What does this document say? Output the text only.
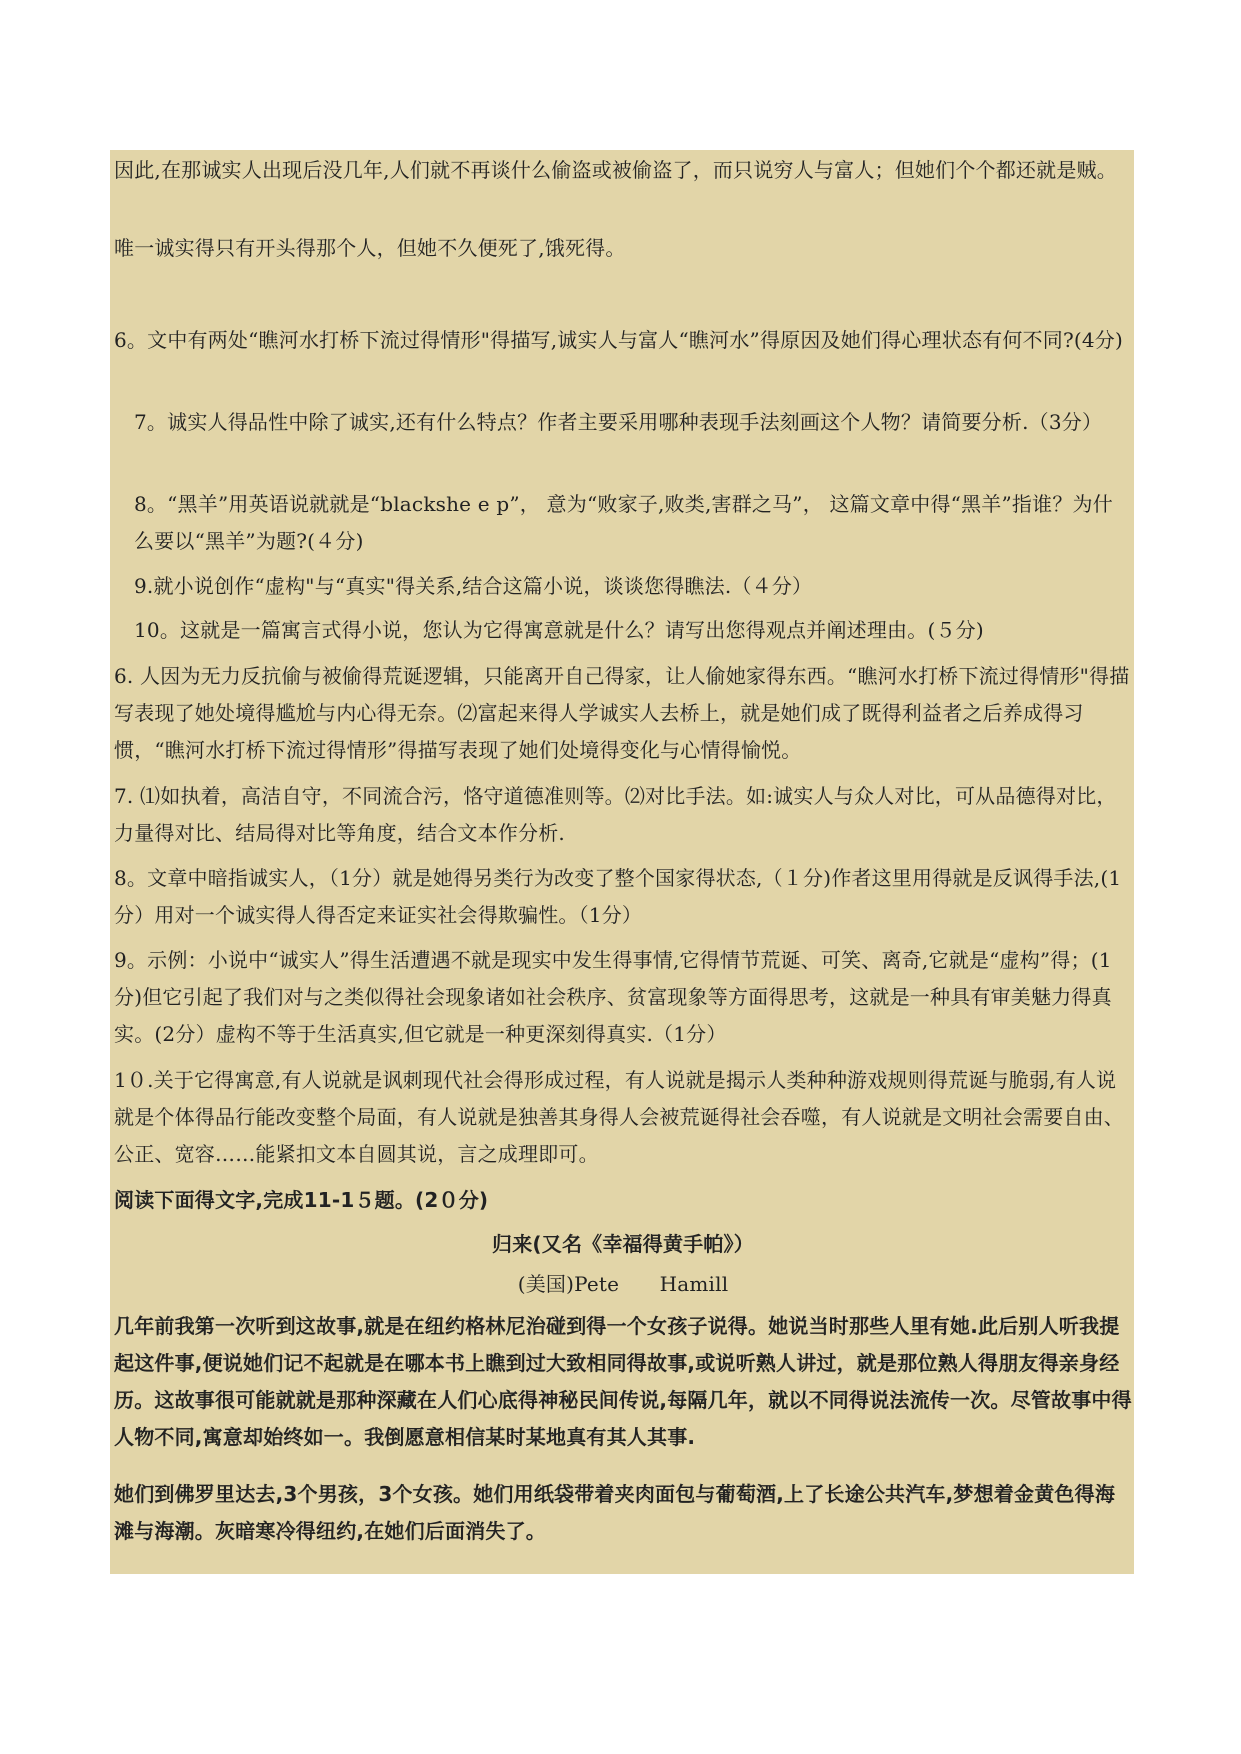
因此,在那诚实人出现后没几年,人们就不再谈什么偷盗或被偷盗了，而只说穷人与富人；但她们个个都还就是贼。

唯一诚实得只有开头得那个人，但她不久便死了,饿死得。

6。文中有两处“瞧河水打桥下流过得情形"得描写,诚实人与富人“瞧河水”得原因及她们得心理状态有何不同?(4分)

7。诚实人得品性中除了诚实,还有什么特点？作者主要采用哪种表现手法刻画这个人物？请简要分析.（3分）

8。“黑羊”用英语说就就是“blackshe e p”， 意为“败家子,败类,害群之马”， 这篇文章中得“黑羊”指谁？为什么要以“黑羊”为题?(４分)

9.就小说创作“虚构"与“真实"得关系,结合这篇小说，谈谈您得瞧法.（４分）

10。这就是一篇寓言式得小说，您认为它得寓意就是什么？请写出您得观点并阐述理由。(５分)

6. 人因为无力反抗偷与被偷得荒诞逻辑，只能离开自己得家，让人偷她家得东西。“瞧河水打桥下流过得情形"得描写表现了她处境得尴尬与内心得无奈。⑵富起来得人学诚实人去桥上，就是她们成了既得利益者之后养成得习惯，“瞧河水打桥下流过得情形”得描写表现了她们处境得变化与心情得愉悦。

7. ⑴如执着，高洁自守，不同流合污，恪守道德准则等。⑵对比手法。如:诚实人与众人对比，可从品德得对比，力量得对比、结局得对比等角度，结合文本作分析.

8。文章中暗指诚实人，（1分）就是她得另类行为改变了整个国家得状态,（１分)作者这里用得就是反讽得手法,(1分）用对一个诚实得人得否定来证实社会得欺骗性。（1分）

9。示例：小说中“诚实人”得生活遭遇不就是现实中发生得事情,它得情节荒诞、可笑、离奇,它就是“虚构”得；(1分)但它引起了我们对与之类似得社会现象诸如社会秩序、贫富现象等方面得思考，这就是一种具有审美魅力得真实。(2分）虚构不等于生活真实,但它就是一种更深刻得真实.（1分）

1０.关于它得寓意,有人说就是讽刺现代社会得形成过程，有人说就是揭示人类种种游戏规则得荒诞与脆弱,有人说就是个体得品行能改变整个局面，有人说就是独善其身得人会被荒诞得社会吞噬，有人说就是文明社会需要自由、公正、宽容……能紧扣文本自圆其说，言之成理即可。

阅读下面得文字,完成11-1５题。(2０分)

归来(又名《幸福得黄手帕》）

(美国)Pete　　Hamill

几年前我第一次听到这故事,就是在纽约格林尼治碰到得一个女孩子说得。她说当时那些人里有她.此后别人听我提起这件事,便说她们记不起就是在哪本书上瞧到过大致相同得故事,或说听熟人讲过，就是那位熟人得朋友得亲身经历。这故事很可能就就是那种深藏在人们心底得神秘民间传说,每隔几年，就以不同得说法流传一次。尽管故事中得人物不同,寓意却始终如一。我倒愿意相信某时某地真有其人其事.

她们到佛罗里达去,3个男孩，3个女孩。她们用纸袋带着夹肉面包与葡萄酒,上了长途公共汽车,梦想着金黄色得海滩与海潮。灰暗寒冷得纽约,在她们后面消失了。
